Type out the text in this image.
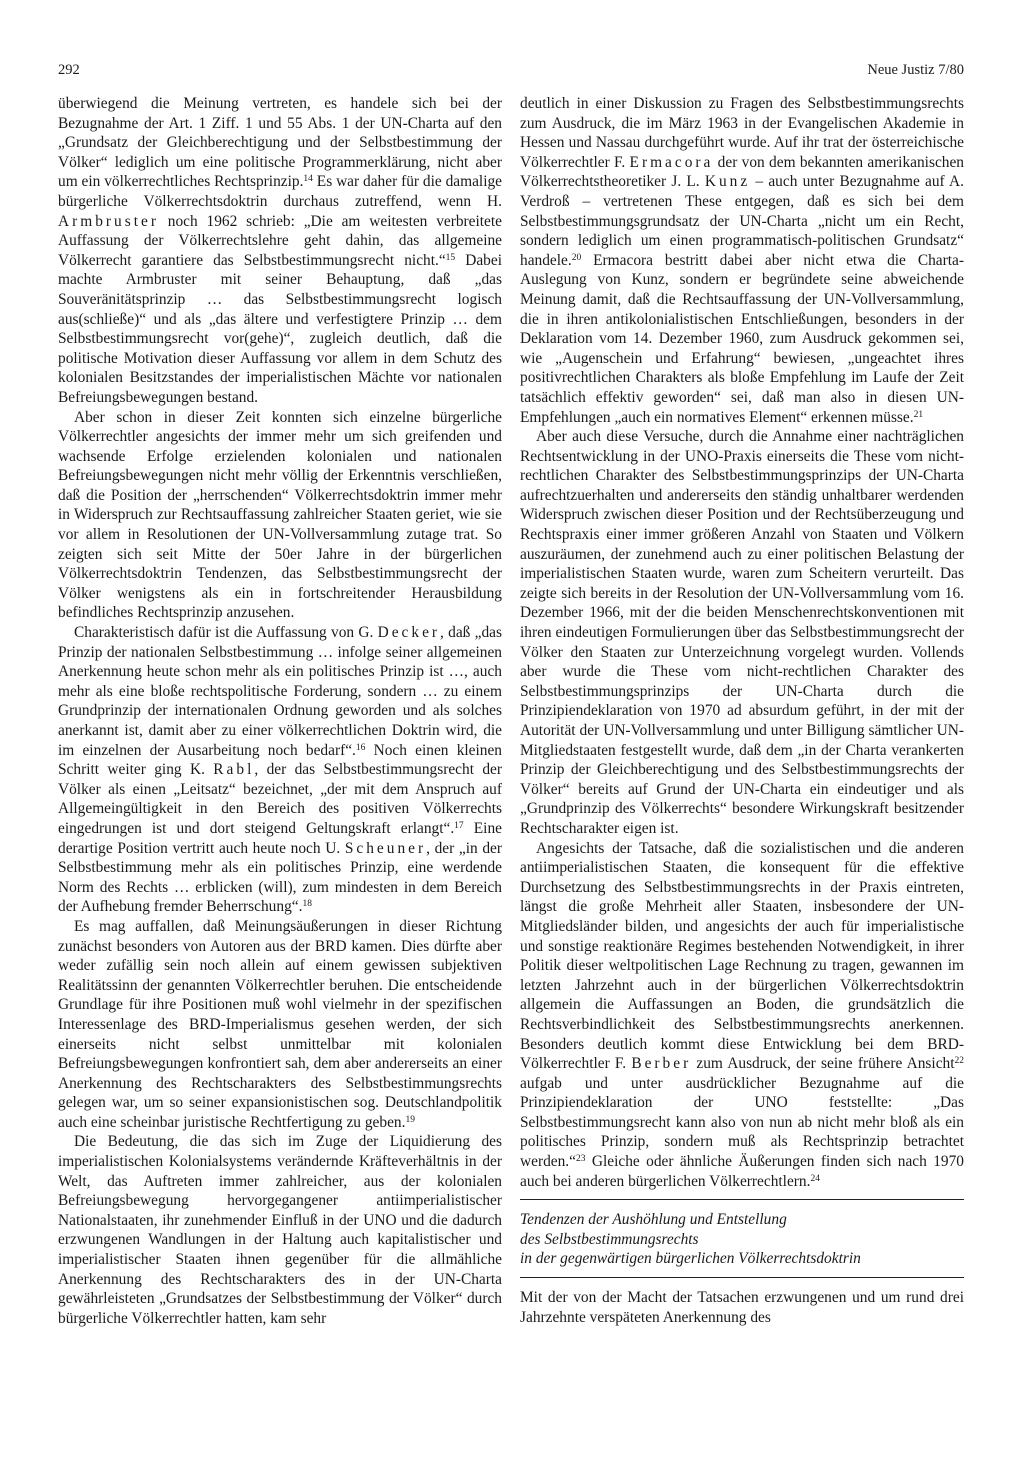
292	Neue Justiz 7/80

überwiegend die Meinung vertreten, es handele sich bei der Bezugnahme der Art. 1 Ziff. 1 und 55 Abs. 1 der UN-Charta auf den „Grundsatz der Gleichberechtigung und der Selbstbestimmung der Völker“ lediglich um eine politische Programmerklärung, nicht aber um ein völkerrechtliches Rechtsprinzip.$^{14}$ Es war daher für die damalige bürgerliche Völkerrechtsdoktrin durchaus zutreffend, wenn H. Armbruster noch 1962 schrieb: „Die am weitesten verbreitete Auffassung der Völkerrechtslehre geht dahin, das allgemeine Völkerrecht garantiere das Selbstbestimmungsrecht nicht.“$^{15}$ Dabei machte Armbruster mit seiner Behauptung, daß „das Souveränitätsprinzip … das Selbstbestimmungsrecht logisch aus(schließe)“ und als „das ältere und verfestigtere Prinzip … dem Selbstbestimmungsrecht vor(gehe)“, zugleich deutlich, daß die politische Motivation dieser Auffassung vor allem in dem Schutz des kolonialen Besitzstandes der imperialistischen Mächte vor nationalen Befreiungsbewegungen bestand.

Aber schon in dieser Zeit konnten sich einzelne bürgerliche Völkerrechtler angesichts der immer mehr um sich greifenden und wachsende Erfolge erzielenden kolonialen und nationalen Befreiungsbewegungen nicht mehr völlig der Erkenntnis verschließen, daß die Position der „herrschenden“ Völkerrechtsdoktrin immer mehr in Widerspruch zur Rechtsauffassung zahlreicher Staaten geriet, wie sie vor allem in Resolutionen der UN-Vollversammlung zutage trat. So zeigten sich seit Mitte der 50er Jahre in der bürgerlichen Völkerrechtsdoktrin Tendenzen, das Selbstbestimmungsrecht der Völker wenigstens als ein in fortschreitender Herausbildung befindliches Rechtsprinzip anzusehen.

Charakteristisch dafür ist die Auffassung von G. Decker, daß „das Prinzip der nationalen Selbstbestimmung … infolge seiner allgemeinen Anerkennung heute schon mehr als ein politisches Prinzip ist …, auch mehr als eine bloße rechtspolitische Forderung, sondern … zu einem Grundprinzip der internationalen Ordnung geworden und als solches anerkannt ist, damit aber zu einer völkerrechtlichen Doktrin wird, die im einzelnen der Ausarbeitung noch bedarf“.$^{16}$ Noch einen kleinen Schritt weiter ging K. Rabl, der das Selbstbestimmungsrecht der Völker als einen „Leitsatz“ bezeichnet, „der mit dem Anspruch auf Allgemeingültigkeit in den Bereich des positiven Völkerrechts eingedrungen ist und dort steigend Geltungskraft erlangt“.$^{17}$ Eine derartige Position vertritt auch heute noch U. Scheuner, der „in der Selbstbestimmung mehr als ein politisches Prinzip, eine werdende Norm des Rechts … erblicken (will), zum mindesten in dem Bereich der Aufhebung fremder Beherrschung“.$^{18}$

Es mag auffallen, daß Meinungsäußerungen in dieser Richtung zunächst besonders von Autoren aus der BRD kamen. Dies dürfte aber weder zufällig sein noch allein auf einem gewissen subjektiven Realitätssinn der genannten Völkerrechtler beruhen. Die entscheidende Grundlage für ihre Positionen muß wohl vielmehr in der spezifischen Interessenlage des BRD-Imperialismus gesehen werden, der sich einerseits nicht selbst unmittelbar mit kolonialen Befreiungsbewegungen konfrontiert sah, dem aber andererseits an einer Anerkennung des Rechtscharakters des Selbstbestimmungsrechts gelegen war, um so seiner expansionistischen sog. Deutschlandpolitik auch eine scheinbar juristische Rechtfertigung zu geben.$^{19}$

Die Bedeutung, die das sich im Zuge der Liquidierung des imperialistischen Kolonialsystems verändernde Kräfteverhältnis in der Welt, das Auftreten immer zahlreicher, aus der kolonialen Befreiungsbewegung hervorgegangener antiimperialistischer Nationalstaaten, ihr zunehmender Einfluß in der UNO und die dadurch erzwungenen Wandlungen in der Haltung auch kapitalistischer und imperialistischer Staaten ihnen gegenüber für die allmähliche Anerkennung des Rechtscharakters des in der UN-Charta gewährleisteten „Grundsatzes der Selbstbestimmung der Völker“ durch bürgerliche Völkerrechtler hatten, kam sehr

deutlich in einer Diskussion zu Fragen des Selbstbestimmungsrechts zum Ausdruck, die im März 1963 in der Evangelischen Akademie in Hessen und Nassau durchgeführt wurde. Auf ihr trat der österreichische Völkerrechtler F. Ermacora der von dem bekannten amerikanischen Völkerrechtstheoretiker J. L. Kunz – auch unter Bezugnahme auf A. Verdroß – vertretenen These entgegen, daß es sich bei dem Selbstbestimmungsgrundsatz der UN-Charta „nicht um ein Recht, sondern lediglich um einen programmatisch-politischen Grundsatz“ handele.$^{20}$ Ermacora bestritt dabei aber nicht etwa die Charta-Auslegung von Kunz, sondern er begründete seine abweichende Meinung damit, daß die Rechtsauffassung der UN-Vollversammlung, die in ihren antikolonialistischen Entschließungen, besonders in der Deklaration vom 14. Dezember 1960, zum Ausdruck gekommen sei, wie „Augenschein und Erfahrung“ bewiesen, „ungeachtet ihres positivrechtlichen Charakters als bloße Empfehlung im Laufe der Zeit tatsächlich effektiv geworden“ sei, daß man also in diesen UN-Empfehlungen „auch ein normatives Element“ erkennen müsse.$^{21}$

Aber auch diese Versuche, durch die Annahme einer nachträglichen Rechtsentwicklung in der UNO-Praxis einerseits die These vom nicht-rechtlichen Charakter des Selbstbestimmungsprinzips der UN-Charta aufrechtzuerhalten und andererseits den ständig unhaltbarer werdenden Widerspruch zwischen dieser Position und der Rechtsüberzeugung und Rechtspraxis einer immer größeren Anzahl von Staaten und Völkern auszuräumen, der zunehmend auch zu einer politischen Belastung der imperialistischen Staaten wurde, waren zum Scheitern verurteilt. Das zeigte sich bereits in der Resolution der UN-Vollversammlung vom 16. Dezember 1966, mit der die beiden Menschenrechtskonventionen mit ihren eindeutigen Formulierungen über das Selbstbestimmungsrecht der Völker den Staaten zur Unterzeichnung vorgelegt wurden. Vollends aber wurde die These vom nicht-rechtlichen Charakter des Selbstbestimmungsprinzips der UN-Charta durch die Prinzipiendeklaration von 1970 ad absurdum geführt, in der mit der Autorität der UN-Vollversammlung und unter Billigung sämtlicher UN-Mitgliedstaaten festgestellt wurde, daß dem „in der Charta verankerten Prinzip der Gleichberechtigung und des Selbstbestimmungsrechts der Völker“ bereits auf Grund der UN-Charta ein eindeutiger und als „Grundprinzip des Völkerrechts“ besondere Wirkungskraft besitzender Rechtscharakter eigen ist.

Angesichts der Tatsache, daß die sozialistischen und die anderen antiimperialistischen Staaten, die konsequent für die effektive Durchsetzung des Selbstbestimmungsrechts in der Praxis eintreten, längst die große Mehrheit aller Staaten, insbesondere der UN-Mitgliedsländer bilden, und angesichts der auch für imperialistische und sonstige reaktionäre Regimes bestehenden Notwendigkeit, in ihrer Politik dieser weltpolitischen Lage Rechnung zu tragen, gewannen im letzten Jahrzehnt auch in der bürgerlichen Völkerrechtsdoktrin allgemein die Auffassungen an Boden, die grundsätzlich die Rechtsverbindlichkeit des Selbstbestimmungsrechts anerkennen. Besonders deutlich kommt diese Entwicklung bei dem BRD-Völkerrechtler F. Berber zum Ausdruck, der seine frühere Ansicht$^{22}$ aufgab und unter ausdrücklicher Bezugnahme auf die Prinzipiendeklaration der UNO feststellte: „Das Selbstbestimmungsrecht kann also von nun ab nicht mehr bloß als ein politisches Prinzip, sondern muß als Rechtsprinzip betrachtet werden.“$^{23}$ Gleiche oder ähnliche Äußerungen finden sich nach 1970 auch bei anderen bürgerlichen Völkerrechtlern.$^{24}$

Tendenzen der Aushöhlung und Entstellung
des Selbstbestimmungsrechts
in der gegenwärtigen bürgerlichen Völkerrechtsdoktrin

Mit der von der Macht der Tatsachen erzwungenen und um rund drei Jahrzehnte verspäteten Anerkennung des
